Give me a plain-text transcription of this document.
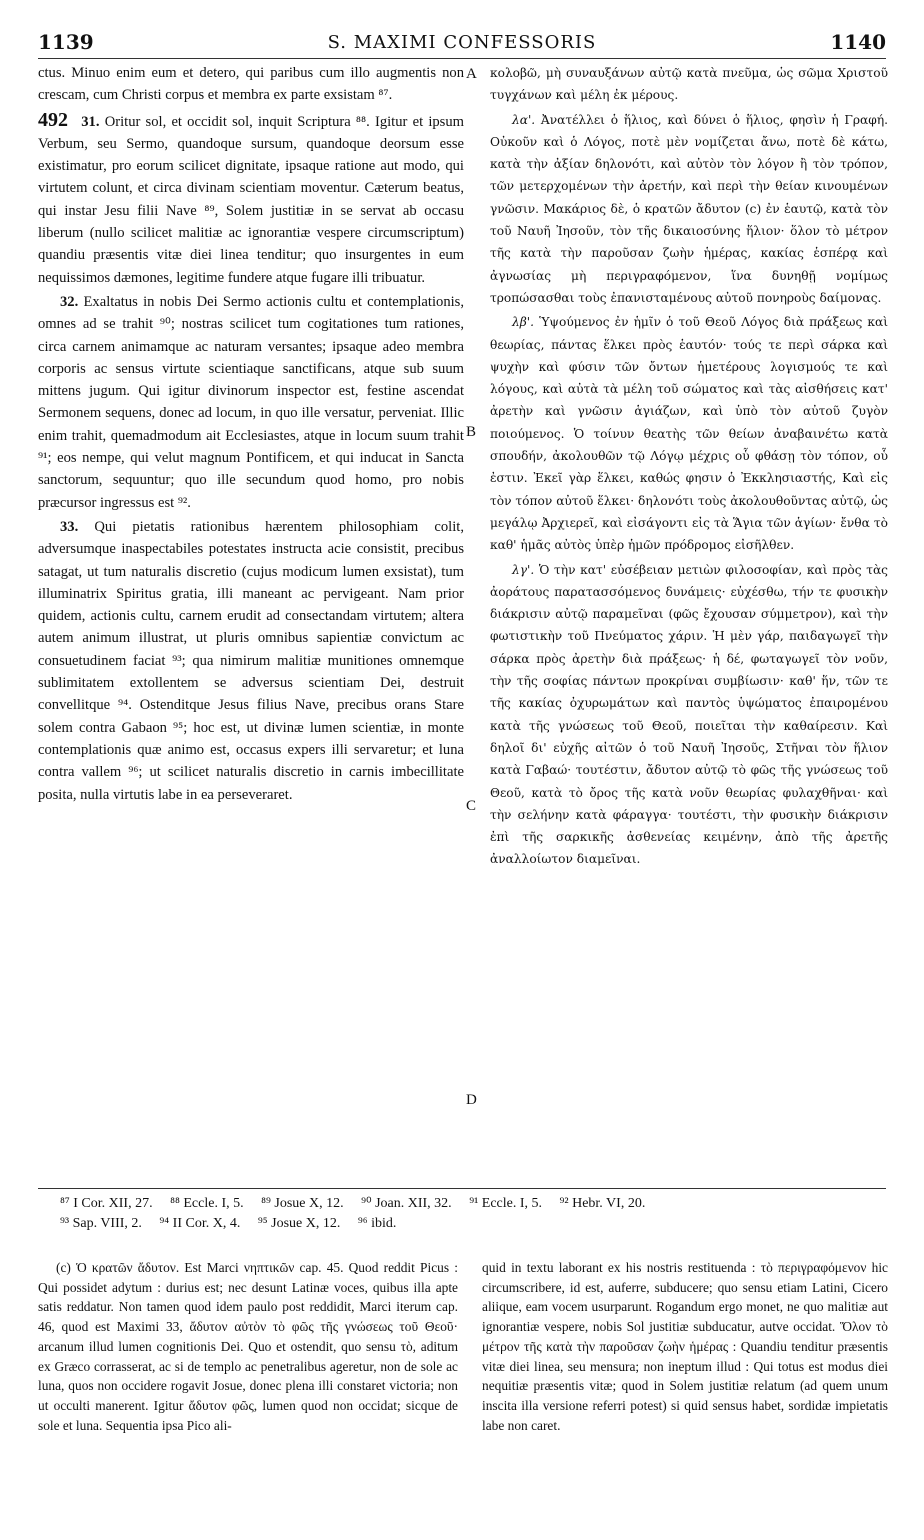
1139	S. MAXIMI CONFESSORIS	1140

ctus. Minuo enim eum et detero, qui paribus cum illo augmentis non crescam, cum Christi corpus et membra ex parte exsistam ⁸⁷.

492 31. Oritur sol, et occidit sol, inquit Scriptura ⁸⁸. Igitur et ipsum Verbum, seu Sermo, quandoque sursum, quandoque deorsum esse existimatur, pro eorum scilicet dignitate, ipsaque ratione aut modo, qui virtutem colunt, et circa divinam scientiam moventur. Cæterum beatus, qui instar Jesu filii Nave ⁸⁹, Solem justitiæ in se servat ab occasu liberum (nullo scilicet malitiæ ac ignorantiæ vespere circumscriptum) quandiu præsentis vitæ diei linea tenditur; quo insurgentes in eum nequissimos dæmones, legitime fundere atque fugare illi tribuatur.

32. Exaltatus in nobis Dei Sermo actionis cultu et contemplationis, omnes ad se trahit ⁹⁰; nostras scilicet tum cogitationes tum rationes, circa carnem animamque ac naturam versantes; ipsaque adeo membra corporis ac sensus virtute scientiaque sanctificans, atque sub suum mittens jugum. Qui igitur divinorum inspector est, festine ascendat Sermonem sequens, donec ad locum, in quo ille versatur, perveniat. Illic enim trahit, quemadmodum ait Ecclesiastes, atque in locum suum trahit ⁹¹; eos nempe, qui velut magnum Pontificem, et qui inducat in Sancta sanctorum, sequuntur; quo ille secundum quod homo, pro nobis præcursor ingressus est ⁹².

33. Qui pietatis rationibus hærentem philosophiam colit, adversumque inaspectabiles potestates instructa acie consistit, precibus satagat, ut tum naturalis discretio (cujus modicum lumen exsistat), tum illuminatrix Spiritus gratia, illi maneant ac pervigeant. Nam prior quidem, actionis cultu, carnem erudit ad consectandam virtutem; altera autem animum illustrat, ut pluris omnibus sapientiæ convictum ac consuetudinem faciat ⁹³; qua nimirum malitiæ munitiones omnemque sublimitatem extollentem se adversus scientiam Dei, destruit convellitque ⁹⁴. Ostenditque Jesus filius Nave, precibus orans Stare solem contra Gabaon ⁹⁵; hoc est, ut divinæ lumen scientiæ, in monte contemplationis quæ animo est, occasus expers illi servaretur; et luna contra vallem ⁹⁶; ut scilicet naturalis discretio in carnis imbecillitate posita, nulla virtutis labe in ea perseveraret.

A
B
C
D

κολοβῶ, μὴ συναυξάνων αὐτῷ κατὰ πνεῦμα, ὡς σῶμα Χριστοῦ τυγχάνων καὶ μέλη ἐκ μέρους.

λα'. Ἀνατέλλει ὁ ἥλιος, καὶ δύνει ὁ ἥλιος, φησὶν ἡ Γραφή. Οὐκοῦν καὶ ὁ Λόγος, ποτὲ μὲν νομίζεται ἄνω, ποτὲ δὲ κάτω, κατὰ τὴν ἀξίαν δηλονότι, καὶ αὐτὸν τὸν λόγον ἢ τὸν τρόπον, τῶν μετερχομένων τὴν ἀρετήν, καὶ περὶ τὴν θείαν κινουμένων γνῶσιν. Μακάριος δὲ, ὁ κρατῶν ἄδυτον (c) ἐν ἑαυτῷ, κατὰ τὸν τοῦ Ναυῆ Ἰησοῦν, τὸν τῆς δικαιοσύνης ἥλιον· ὅλον τὸ μέτρον τῆς κατὰ τὴν παροῦσαν ζωὴν ἡμέρας, κακίας ἑσπέρᾳ καὶ ἀγνωσίας μὴ περιγραφόμενον, ἵνα δυνηθῇ νομίμως τροπώσασθαι τοὺς ἐπανισταμένους αὐτοῦ πονηροὺς δαίμονας.

λβ'. Ὑψούμενος ἐν ἡμῖν ὁ τοῦ Θεοῦ Λόγος διὰ πράξεως καὶ θεωρίας, πάντας ἕλκει πρὸς ἑαυτόν· τούς τε περὶ σάρκα καὶ ψυχὴν καὶ φύσιν τῶν ὄντων ἡμετέρους λογισμούς τε καὶ λόγους, καὶ αὐτὰ τὰ μέλη τοῦ σώματος καὶ τὰς αἰσθήσεις κατ' ἀρετὴν καὶ γνῶσιν ἁγιάζων, καὶ ὑπὸ τὸν αὐτοῦ ζυγὸν ποιούμενος. Ὁ τοίνυν θεατὴς τῶν θείων ἀναβαινέτω κατὰ σπουδήν, ἀκολουθῶν τῷ Λόγῳ μέχρις οὗ φθάσῃ τὸν τόπον, οὗ ἐστιν. Ἐκεῖ γὰρ ἕλκει, καθώς φησιν ὁ Ἐκκλησιαστής, Καὶ εἰς τὸν τόπον αὐτοῦ ἕλκει· δηλονότι τοὺς ἀκολουθοῦντας αὐτῷ, ὡς μεγάλῳ Ἀρχιερεῖ, καὶ εἰσάγοντι εἰς τὰ Ἅγια τῶν ἁγίων· ἔνθα τὸ καθ' ἡμᾶς αὐτὸς ὑπὲρ ἡμῶν πρόδρομος εἰσῆλθεν.

λγ'. Ὁ τὴν κατ' εὐσέβειαν μετιὼν φιλοσοφίαν, καὶ πρὸς τὰς ἀοράτους παρατασσόμενος δυνάμεις· εὐχέσθω, τήν τε φυσικὴν διάκρισιν αὐτῷ παραμεῖναι (φῶς ἔχουσαν σύμμετρον), καὶ τὴν φωτιστικὴν τοῦ Πνεύματος χάριν. Ἡ μὲν γάρ, παιδαγωγεῖ τὴν σάρκα πρὸς ἀρετὴν διὰ πράξεως· ἡ δέ, φωταγωγεῖ τὸν νοῦν, τὴν τῆς σοφίας πάντων προκρίναι συμβίωσιν· καθ' ἥν, τῶν τε τῆς κακίας ὀχυρωμάτων καὶ παντὸς ὑψώματος ἐπαιρομένου κατὰ τῆς γνώσεως τοῦ Θεοῦ, ποιεῖται τὴν καθαίρεσιν. Καὶ δηλοῖ δι' εὐχῆς αἰτῶν ὁ τοῦ Ναυῆ Ἰησοῦς, Στῆναι τὸν ἥλιον κατὰ Γαβαώ· τουτέστιν, ἄδυτον αὐτῷ τὸ φῶς τῆς γνώσεως τοῦ Θεοῦ, κατὰ τὸ ὄρος τῆς κατὰ νοῦν θεωρίας φυλαχθῆναι· καὶ τὴν σελήνην κατὰ φάραγγα· τουτέστι, τὴν φυσικὴν διάκρισιν ἐπὶ τῆς σαρκικῆς ἀσθενείας κειμένην, ἀπὸ τῆς ἀρετῆς ἀναλλοίωτον διαμεῖναι.

⁸⁷ I Cor. XII, 27. ⁸⁸ Eccle. I, 5. ⁸⁹ Josue X, 12. ⁹⁰ Joan. XII, 32. ⁹¹ Eccle. I, 5. ⁹² Hebr. VI, 20.
⁹³ Sap. VIII, 2. ⁹⁴ II Cor. X, 4. ⁹⁵ Josue X, 12. ⁹⁶ ibid.

(c) Ὁ κρατῶν ἄδυτον. Est Marci νηπτικῶν cap. 45. Quod reddit Picus : Qui possidet adytum : durius est; nec desunt Latinæ voces, quibus illa apte satis reddatur. Non tamen quod idem paulo post reddidit, Marci iterum cap. 46, quod est Maximi 33, ἄδυτον αὐτὸν τὸ φῶς τῆς γνώσεως τοῦ Θεοῦ· arcanum illud lumen cognitionis Dei. Quo et ostendit, quo sensu τὸ, aditum ex Græco corrasserat, ac si de templo ac penetralibus ageretur, non de sole ac luna, quos non occidere rogavit Josue, donec plena illi constaret victoria; non ut occulti manerent. Igitur ἄδυτον φῶς, lumen quod non occidat; sicque de sole et luna. Sequentia ipsa Pico ali-

quid in textu laborant ex his nostris restituenda : τὸ περιγραφόμενον hic circumscribere, id est, auferre, subducere; quo sensu etiam Latini, Cicero aliique, eam vocem usurparunt. Rogandum ergo monet, ne quo malitiæ aut ignorantiæ vespere, nobis Sol justitiæ subducatur, autve occidat. Ὅλον τὸ μέτρον τῆς κατὰ τὴν παροῦσαν ζωὴν ἡμέρας : Quandiu tenditur præsentis vitæ diei linea, seu mensura; non ineptum illud : Qui totus est modus diei nequitiæ præsentis vitæ; quod in Solem justitiæ relatum (ad quem unum inscita illa versione referri potest) si quid sensus habet, sordidæ impietatis labe non caret.
